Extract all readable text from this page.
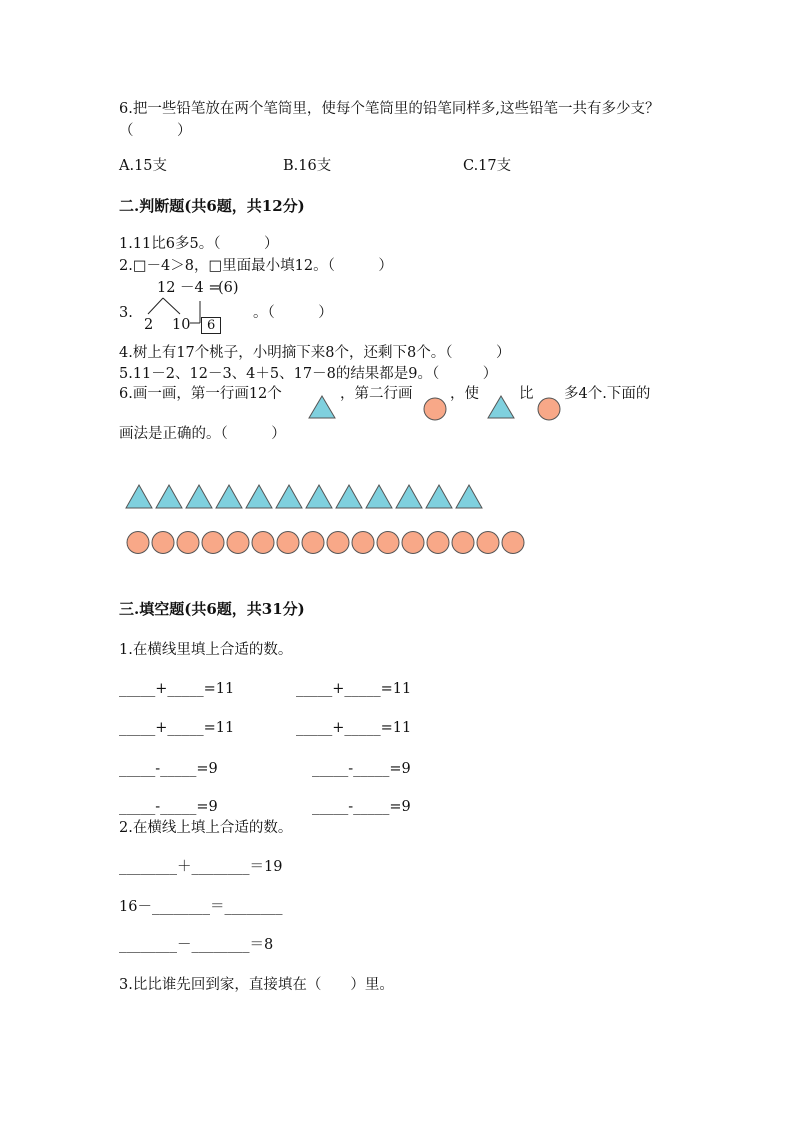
6.把一些铅笔放在两个笔筒里，使每个笔筒里的铅笔同样多,这些铅笔一共有多少支？（　　　）
A.15支	B.16支	C.17支
二.判断题(共6题，共12分)
1.11比6多5。（　　　）
2.□－4＞8，□里面最小填12。（　　　）
3.
12 －4 =
(6)
2 10	6
。（　　　）
4.树上有17个桃子，小明摘下来8个，还剩下8个。（　　　）
5.11－2、12－3、4＋5、17－8的结果都是9。（　　　）
6.画一画，第一行画12个	，第二行画	，使	比 多4个.下面的
画法是正确的。（　　　）
三.填空题(共6题，共31分)
1.在横线里填上合适的数。
_____+_____=11	_____+_____=11
_____+_____=11	_____+_____=11
_____-_____=9	_____-_____=9
_____-_____=9	_____-_____=9
2.在横线上填上合适的数。
________＋________＝19
16－________＝________
________－________＝8
3.比比谁先回到家，直接填在（　　）里。
